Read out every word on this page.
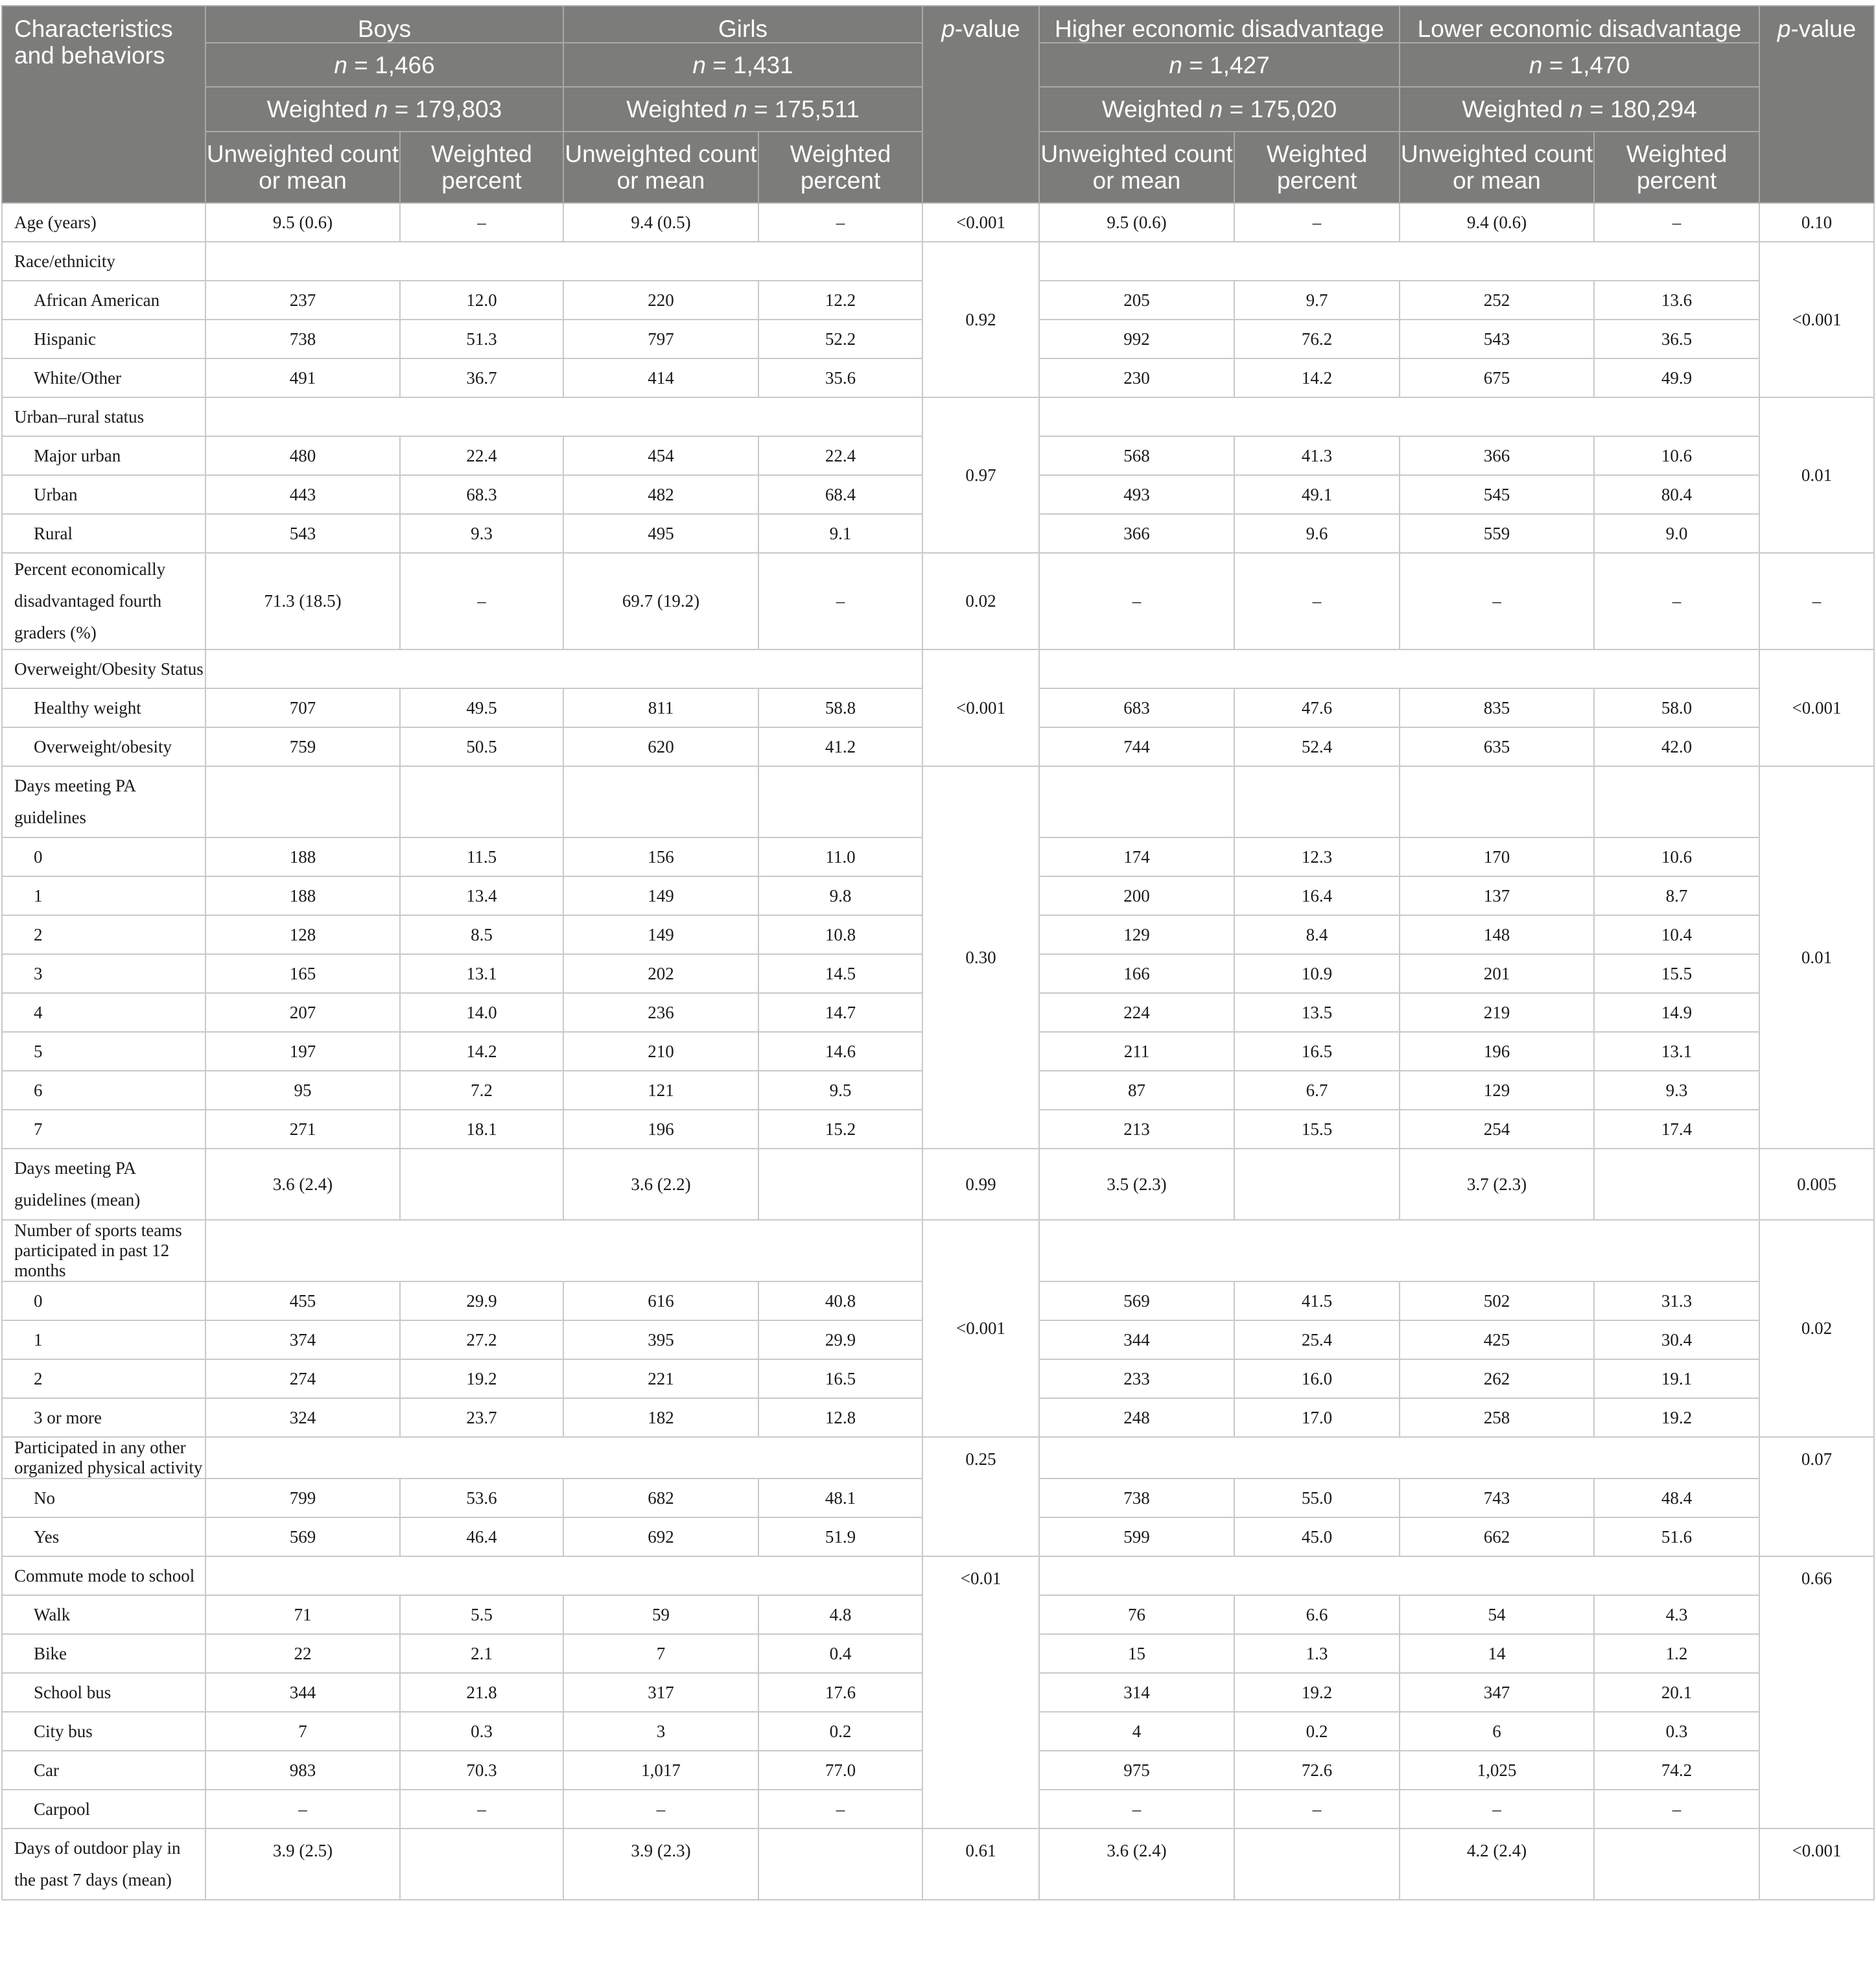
Characteristics and behaviors	Boys		Girls		p-value	Higher economic disadvantage		Lower economic disadvantage		p-value
	n = 1,466		n = 1,431			n = 1,427		n = 1,470		
	Weighted n = 179,803		Weighted n = 175,511			Weighted n = 175,020		Weighted n = 180,294		
	Unweighted count or mean	Weighted percent	Unweighted count or mean	Weighted percent		Unweighted count or mean	Weighted percent	Unweighted count or mean	Weighted percent	
Age (years)	9.5 (0.6)	–	9.4 (0.5)	–	<0.001	9.5 (0.6)	–	9.4 (0.6)	–	0.10
Race/ethnicity					0.92					<0.001
African American	237	12.0	220	12.2		205	9.7	252	13.6	
Hispanic	738	51.3	797	52.2		992	76.2	543	36.5	
White/Other	491	36.7	414	35.6		230	14.2	675	49.9	
Urban–rural status					0.97					0.01
Major urban	480	22.4	454	22.4		568	41.3	366	10.6	
Urban	443	68.3	482	68.4		493	49.1	545	80.4	
Rural	543	9.3	495	9.1		366	9.6	559	9.0	
Percent economically disadvantaged fourth graders (%)	71.3 (18.5)	–	69.7 (19.2)	–	0.02	–	–	–	–	–
Overweight/Obesity Status					<0.001					<0.001
Healthy weight	707	49.5	811	58.8		683	47.6	835	58.0	
Overweight/obesity	759	50.5	620	41.2		744	52.4	635	42.0	
Days meeting PA guidelines					0.30					0.01
0	188	11.5	156	11.0		174	12.3	170	10.6	
1	188	13.4	149	9.8		200	16.4	137	8.7	
2	128	8.5	149	10.8		129	8.4	148	10.4	
3	165	13.1	202	14.5		166	10.9	201	15.5	
4	207	14.0	236	14.7		224	13.5	219	14.9	
5	197	14.2	210	14.6		211	16.5	196	13.1	
6	95	7.2	121	9.5		87	6.7	129	9.3	
7	271	18.1	196	15.2		213	15.5	254	17.4	
Days meeting PA guidelines (mean)	3.6 (2.4)		3.6 (2.2)		0.99	3.5 (2.3)		3.7 (2.3)		0.005
Number of sports teams participated in past 12 months					<0.001					0.02
0	455	29.9	616	40.8		569	41.5	502	31.3	
1	374	27.2	395	29.9		344	25.4	425	30.4	
2	274	19.2	221	16.5		233	16.0	262	19.1	
3 or more	324	23.7	182	12.8		248	17.0	258	19.2	
Participated in any other organized physical activity					0.25					0.07
No	799	53.6	682	48.1		738	55.0	743	48.4	
Yes	569	46.4	692	51.9		599	45.0	662	51.6	
Commute mode to school					<0.01					0.66
Walk	71	5.5	59	4.8		76	6.6	54	4.3	
Bike	22	2.1	7	0.4		15	1.3	14	1.2	
School bus	344	21.8	317	17.6		314	19.2	347	20.1	
City bus	7	0.3	3	0.2		4	0.2	6	0.3	
Car	983	70.3	1,017	77.0		975	72.6	1,025	74.2	
Carpool	–	–	–	–		–	–	–	–	
Days of outdoor play in the past 7 days (mean)	3.9 (2.5)		3.9 (2.3)		0.61	3.6 (2.4)		4.2 (2.4)		<0.001
